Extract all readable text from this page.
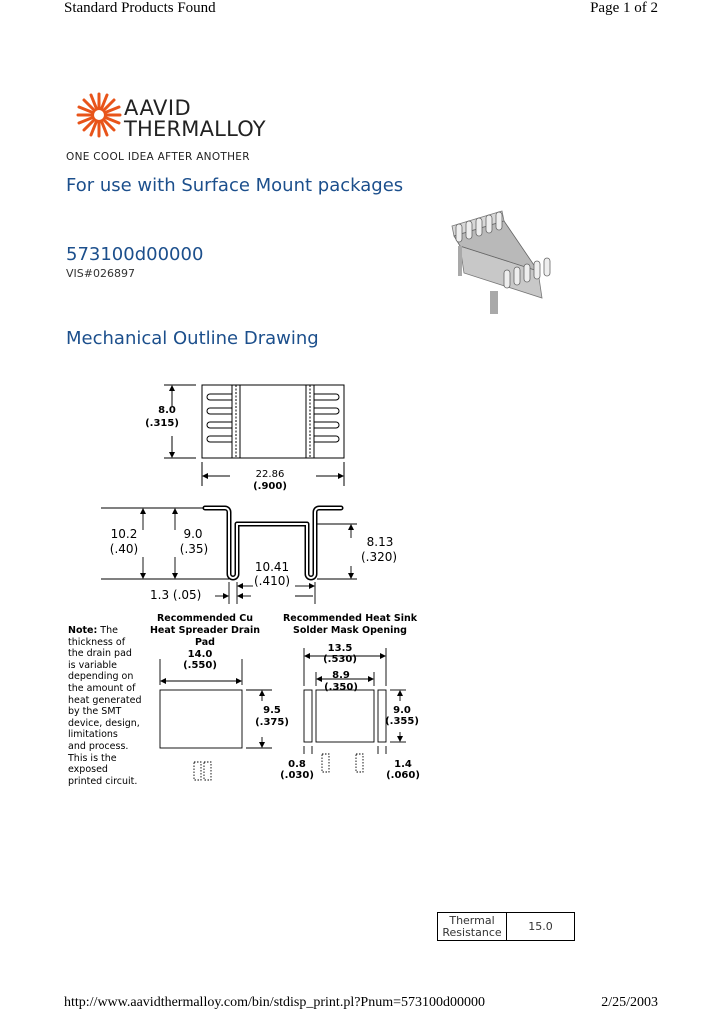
Standard Products Found	Page 1 of 2
AAVID
THERMALLOY
ONE COOL IDEA AFTER ANOTHER
For use with Surface Mount packages
573100d00000
VIS#026897
Mechanical Outline Drawing
8.0
(.315)
22.86
(.900)
10.2
(.40)
9.0
(.35)	8.13
(.320)
10.41
(.410)
1.3 (.05)
Note: The
thickness of
the drain pad
is variable
depending on
the amount of
heat generated
by the SMT
device, design,
limitations
and process.
This is the
exposed
printed circuit.
Recommended Cu
Heat Spreader Drain Pad
14.0
(.550)
9.5
(.375)
Recommended Heat Sink
Solder Mask Opening
13.5
(.530)
8.9
(.350)
9.0
(.355)
0.8
(.030)
1.4
(.060)
Thermal
Resistance	15.0
http://www.aavidthermalloy.com/bin/stdisp_print.pl?Pnum=573100d00000	2/25/2003
